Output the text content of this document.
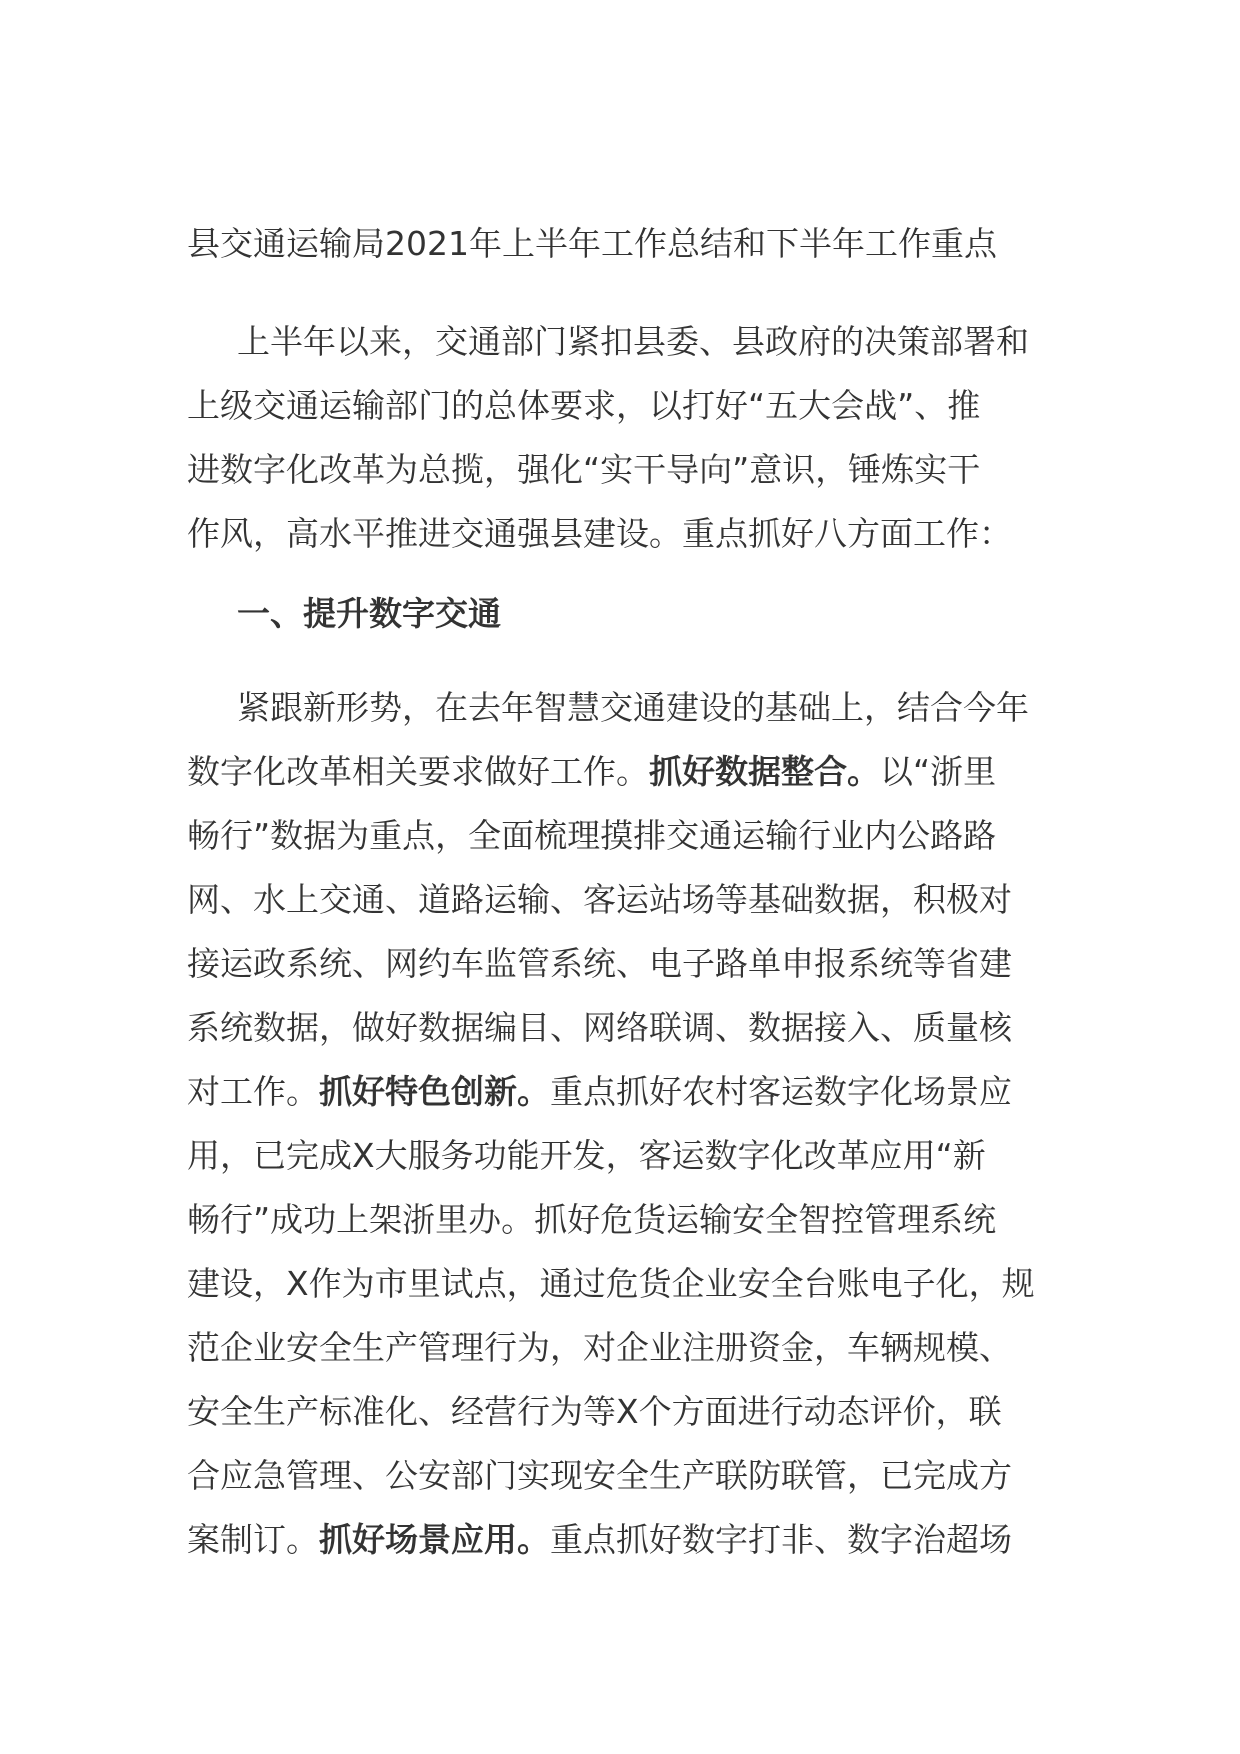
县交通运输局2021年上半年工作总结和下半年工作重点
上半年以来，交通部门紧扣县委、县政府的决策部署和
上级交通运输部门的总体要求，以打好“五大会战”、推
进数字化改革为总揽，强化“实干导向”意识，锤炼实干
作风，高水平推进交通强县建设。重点抓好八方面工作：
一、提升数字交通
紧跟新形势，在去年智慧交通建设的基础上，结合今年
数字化改革相关要求做好工作。抓好数据整合。以“浙里
畅行”数据为重点，全面梳理摸排交通运输行业内公路路
网、水上交通、道路运输、客运站场等基础数据，积极对
接运政系统、网约车监管系统、电子路单申报系统等省建
系统数据，做好数据编目、网络联调、数据接入、质量核
对工作。抓好特色创新。重点抓好农村客运数字化场景应
用，已完成X大服务功能开发，客运数字化改革应用“新
畅行”成功上架浙里办。抓好危货运输安全智控管理系统
建设，X作为市里试点，通过危货企业安全台账电子化，规
范企业安全生产管理行为，对企业注册资金，车辆规模、
安全生产标准化、经营行为等X个方面进行动态评价，联
合应急管理、公安部门实现安全生产联防联管，已完成方
案制订。抓好场景应用。重点抓好数字打非、数字治超场
